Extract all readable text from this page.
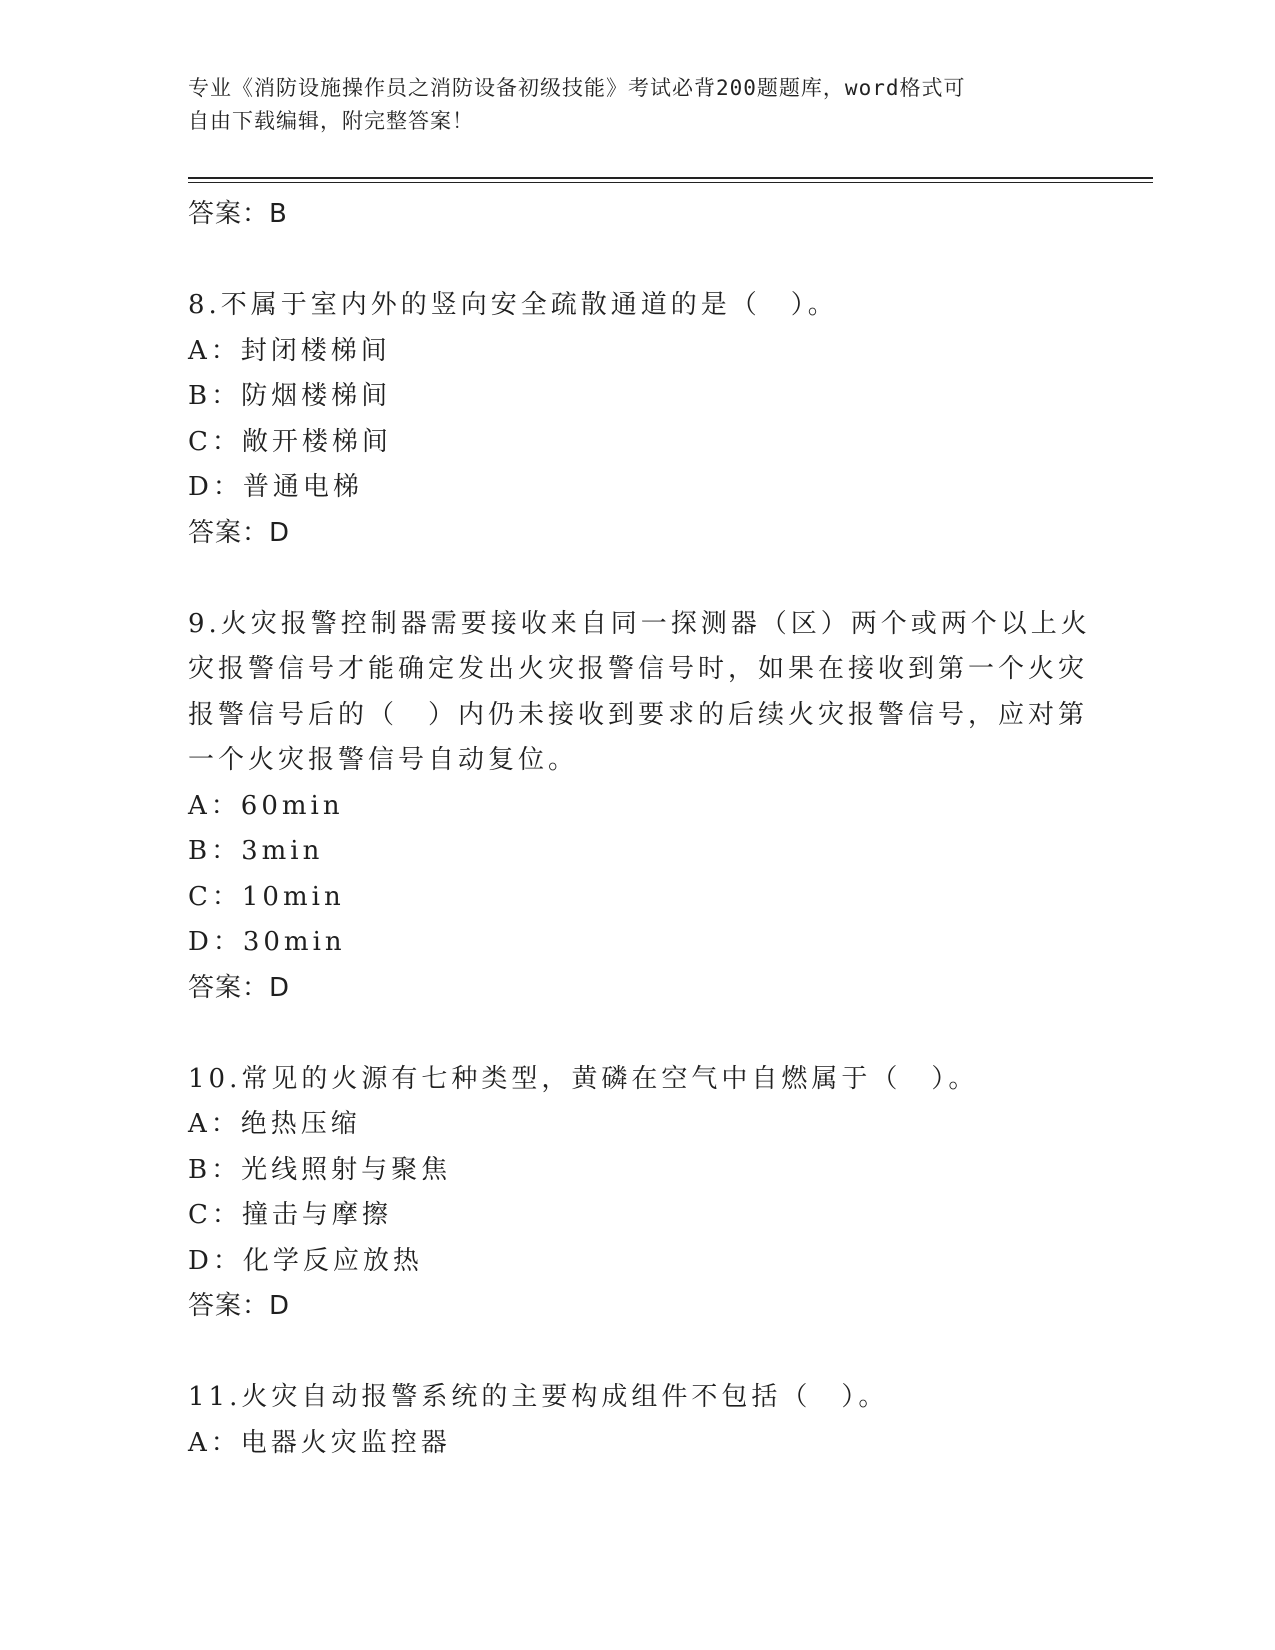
专业《消防设施操作员之消防设备初级技能》考试必背200题题库，word格式可
自由下载编辑，附完整答案！
答案：B
8.不属于室内外的竖向安全疏散通道的是（　）。
A：封闭楼梯间
B：防烟楼梯间
C：敞开楼梯间
D：普通电梯
答案：D
9.火灾报警控制器需要接收来自同一探测器（区）两个或两个以上火
灾报警信号才能确定发出火灾报警信号时，如果在接收到第一个火灾
报警信号后的（　）内仍未接收到要求的后续火灾报警信号，应对第
一个火灾报警信号自动复位。
A：60min
B：3min
C：10min
D：30min
答案：D
10.常见的火源有七种类型，黄磷在空气中自燃属于（　）。
A：绝热压缩
B：光线照射与聚焦
C：撞击与摩擦
D：化学反应放热
答案：D
11.火灾自动报警系统的主要构成组件不包括（　）。
A：电器火灾监控器
